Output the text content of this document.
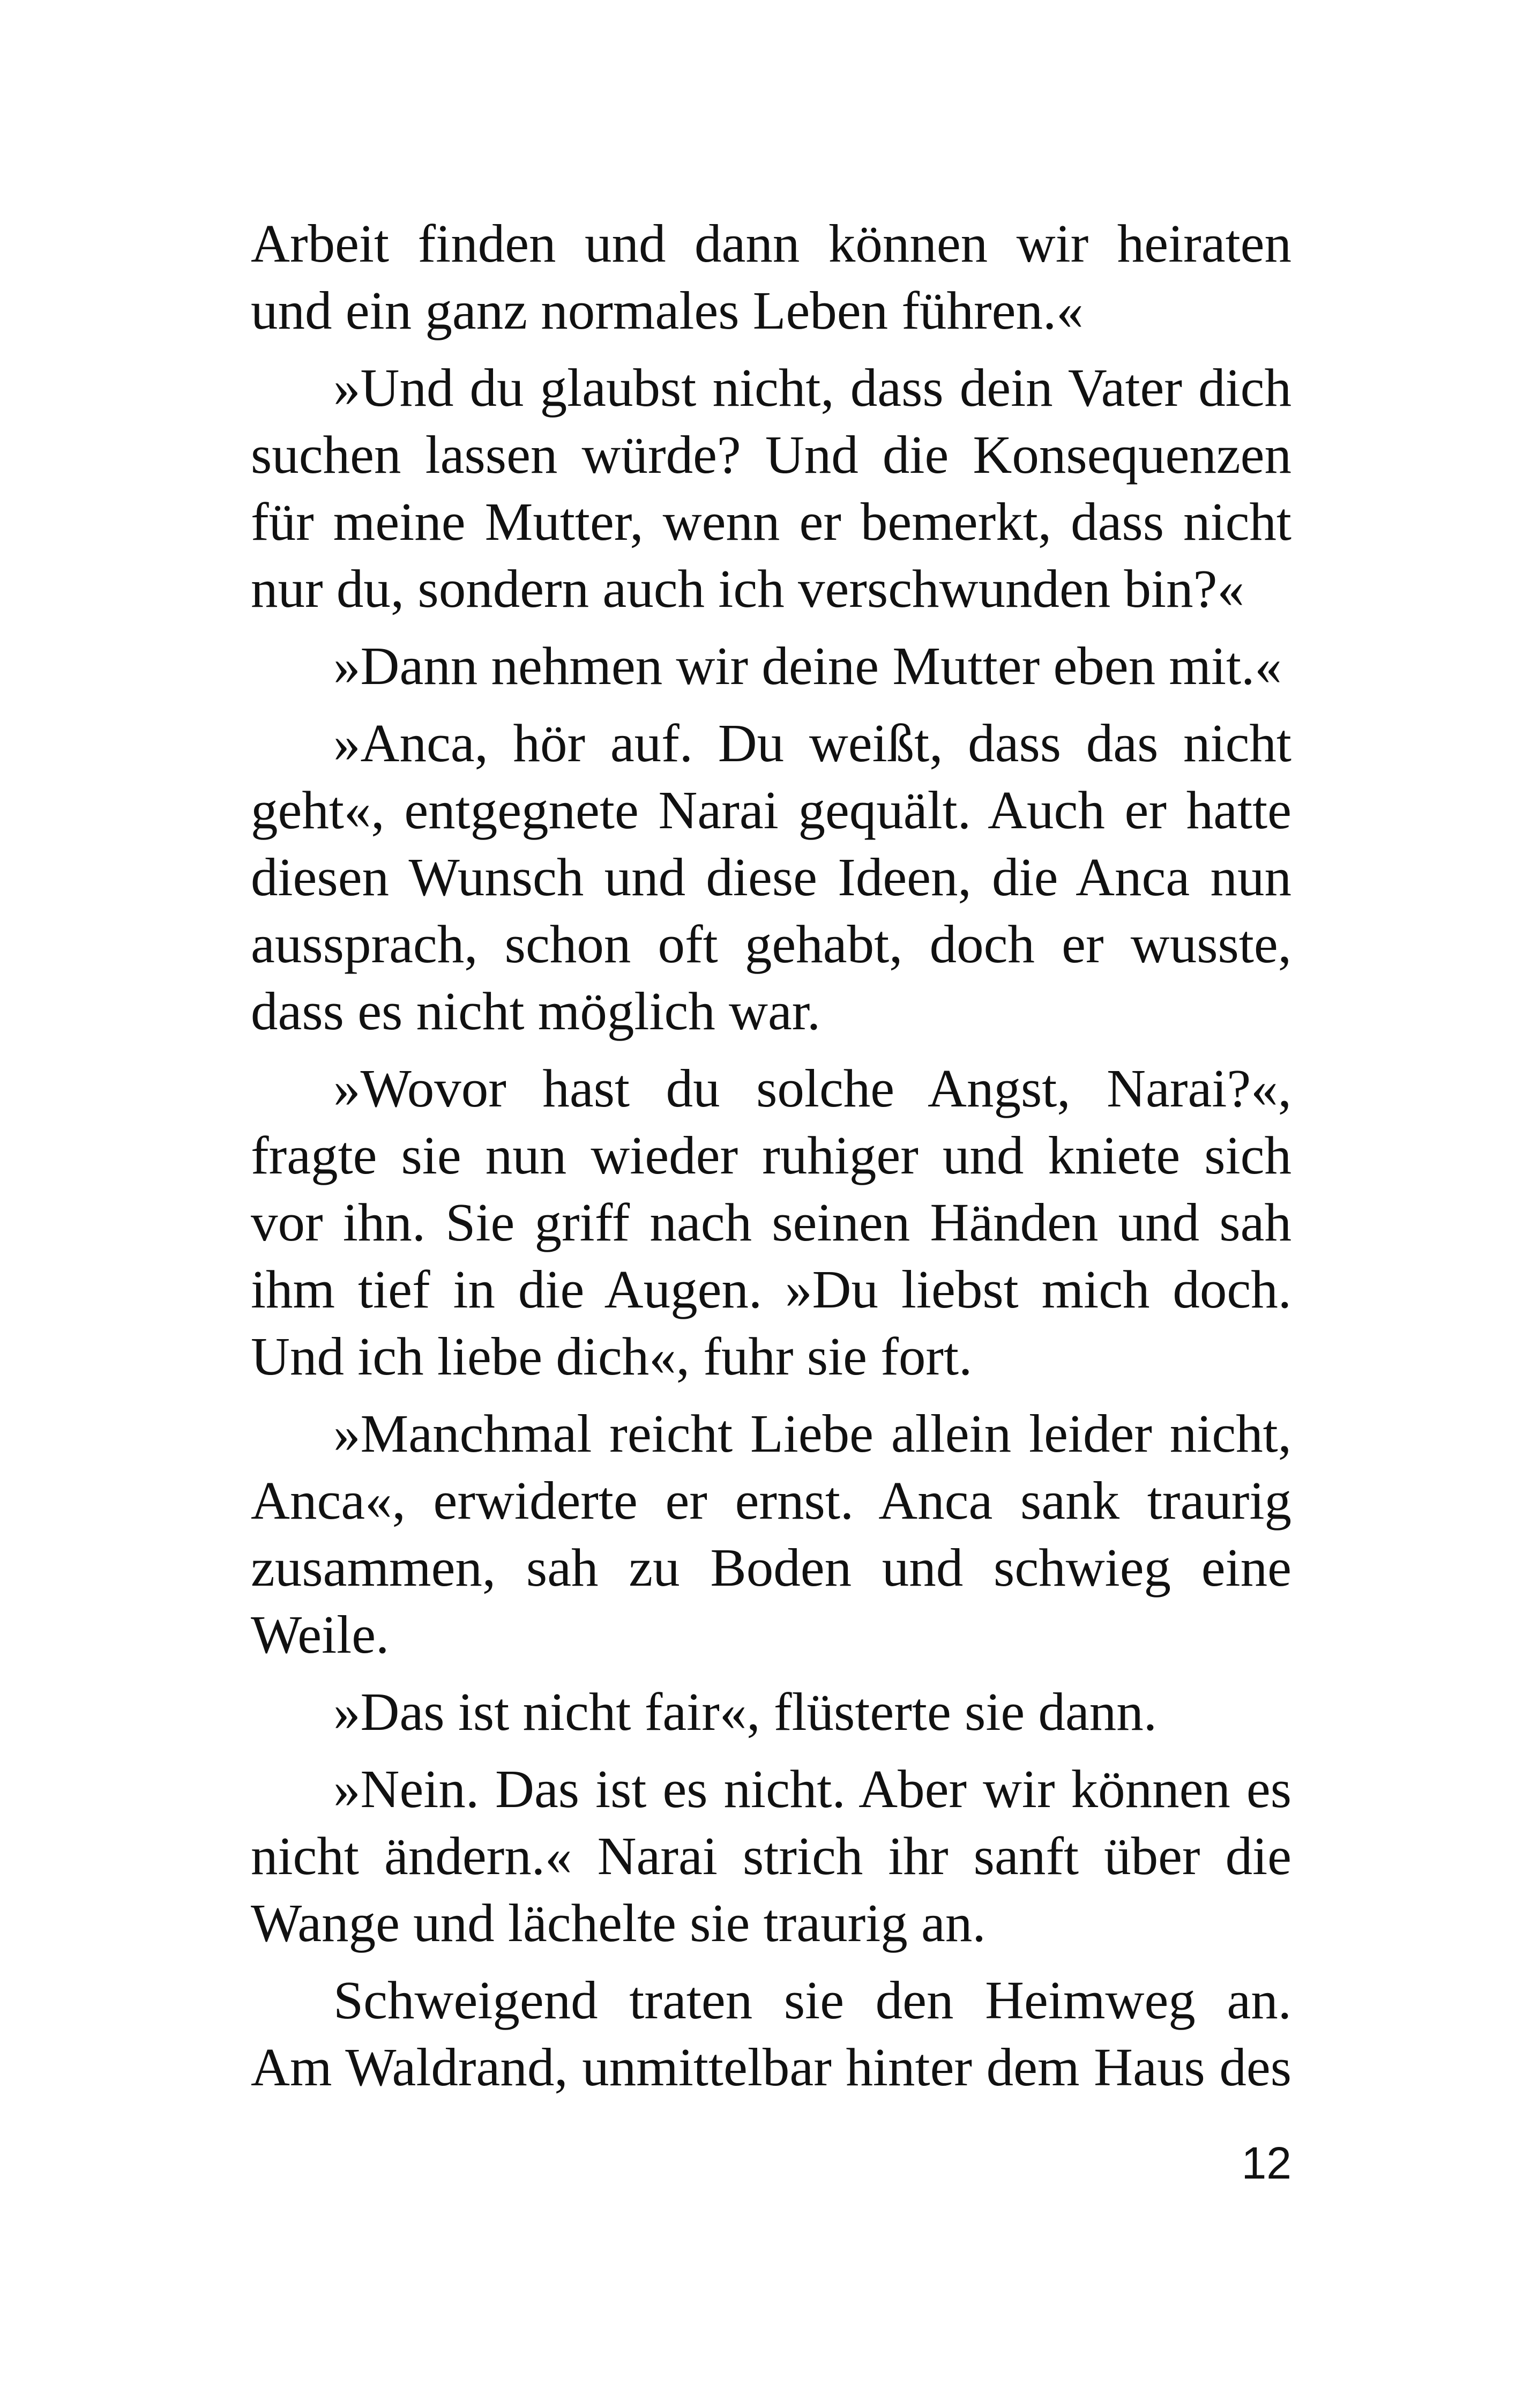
Arbeit finden und dann können wir heiraten und ein ganz normales Leben führen.«

»Und du glaubst nicht, dass dein Vater dich suchen lassen würde? Und die Konsequenzen für meine Mutter, wenn er bemerkt, dass nicht nur du, sondern auch ich verschwunden bin?«

»Dann nehmen wir deine Mutter eben mit.«

»Anca, hör auf. Du weißt, dass das nicht geht«, entgegnete Narai gequält. Auch er hatte diesen Wunsch und diese Ideen, die Anca nun aussprach, schon oft gehabt, doch er wusste, dass es nicht möglich war.

»Wovor hast du solche Angst, Narai?«, fragte sie nun wieder ruhiger und kniete sich vor ihn. Sie griff nach seinen Händen und sah ihm tief in die Augen. »Du liebst mich doch. Und ich liebe dich«, fuhr sie fort.

»Manchmal reicht Liebe allein leider nicht, Anca«, erwiderte er ernst. Anca sank traurig zusammen, sah zu Boden und schwieg eine Weile.

»Das ist nicht fair«, flüsterte sie dann.

»Nein. Das ist es nicht. Aber wir können es nicht ändern.« Narai strich ihr sanft über die Wange und lächelte sie traurig an.

Schweigend traten sie den Heimweg an. Am Waldrand, unmittelbar hinter dem Haus des

12
